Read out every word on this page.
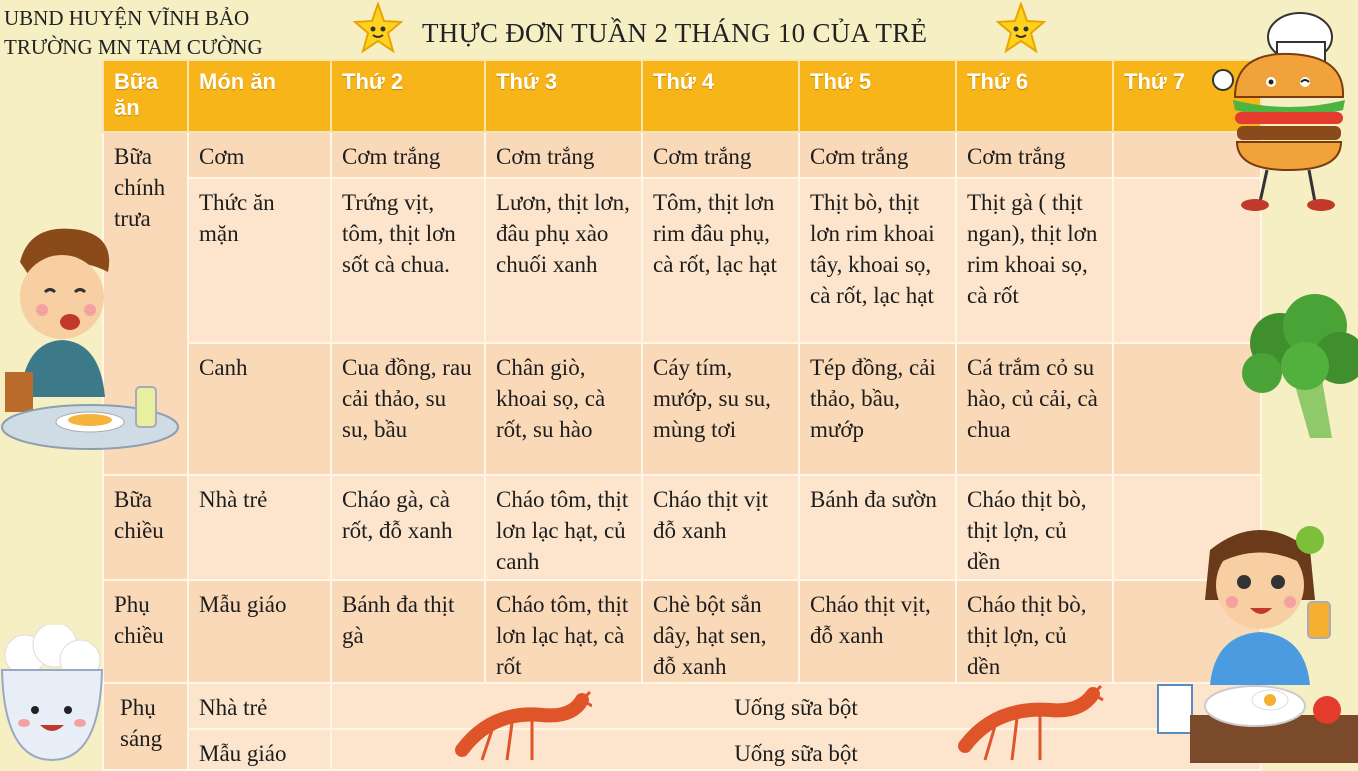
UBND HUYỆN VĨNH BẢO
TRƯỜNG MN TAM CƯỜNG	THỰC ĐƠN TUẦN 2 THÁNG 10 CỦA TRẺ
Bữa ăn	Món ăn	Thứ 2	Thứ 3	Thứ 4	Thứ 5	Thứ 6	Thứ 7
Bữa chính trưa	Cơm	Cơm trắng	Cơm trắng	Cơm trắng	Cơm trắng	Cơm trắng	
	Thức ăn mặn	Trứng vịt, tôm, thịt lơn sốt cà chua.	Lươn, thịt lơn, đâu phụ xào chuối xanh	Tôm, thịt lơn rim đâu phụ, cà rốt, lạc hạt	Thịt bò, thịt lơn rim khoai tây, khoai sọ, cà rốt, lạc hạt	Thịt gà ( thịt ngan), thịt lơn rim khoai sọ, cà rốt	
	Canh	Cua đồng, rau cải thảo, su su, bầu	Chân giò, khoai sọ, cà rốt, su hào	Cáy tím, mướp, su su, mùng tơi	Tép đồng, cải thảo, bầu, mướp	Cá trắm cỏ su hào, củ cải, cà chua	
Bữa chiều	Nhà trẻ	Cháo gà, cà rốt, đỗ xanh	Cháo tôm, thịt lơn lạc hạt, củ canh	Cháo thịt vịt đỗ xanh	Bánh đa sườn	Cháo thịt bò, thịt lợn, củ dền	
Phụ chiều	Mẫu giáo	Bánh đa thịt gà	Cháo tôm, thịt lơn lạc hạt, cà rốt	Chè bột sắn dây, hạt sen, đỗ xanh	Cháo thịt vịt, đỗ xanh	Cháo thịt bò, thịt lợn, củ dền	
Phụ sáng	Nhà trẻ	Uống sữa bột					
	Mẫu giáo	Uống sữa bột					
